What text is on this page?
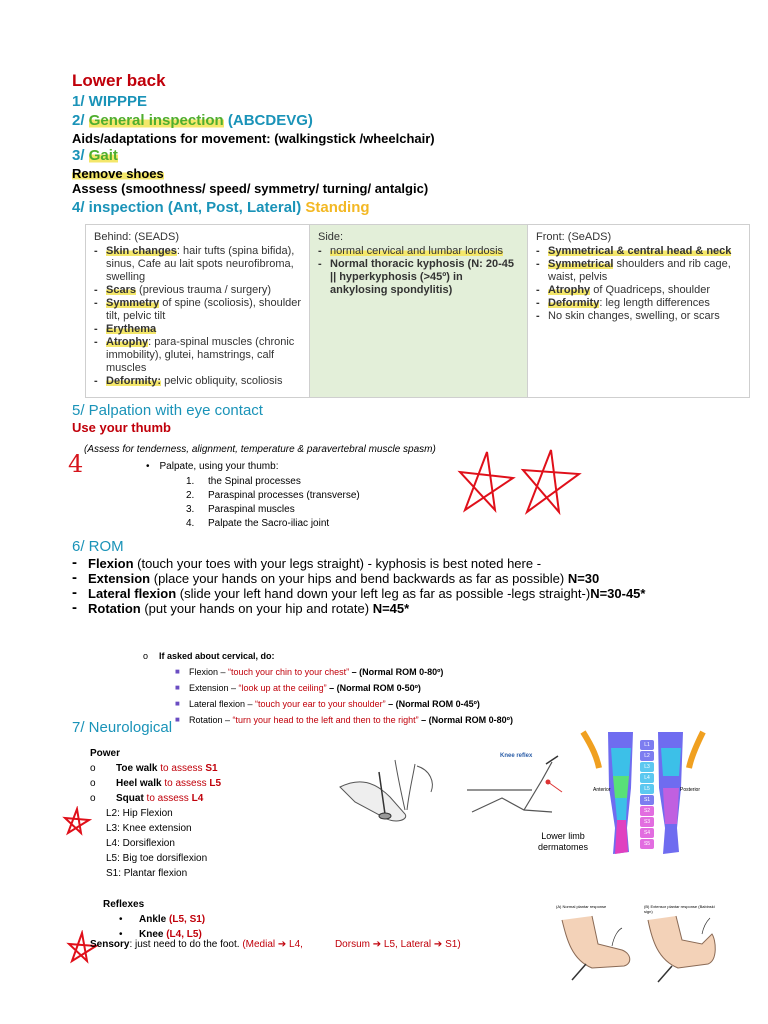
Lower back
1/ WIPPPE
2/ General inspection (ABCDEVG)
Aids/adaptations for movement: (walkingstick /wheelchair)
3/ Gait
Remove shoes
Assess (smoothness/ speed/ symmetry/ turning/ antalgic)
4/ inspection (Ant, Post, Lateral) Standing
Behind: (SEADS)
- Skin changes: hair tufts (spina bifida), sinus, Cafe au lait spots neurofibroma, swelling
- Scars (previous trauma / surgery)
- Symmetry of spine (scoliosis), shoulder tilt, pelvic tilt
- Erythema
- Atrophy: para-spinal muscles (chronic immobility), glutei, hamstrings, calf muscles
- Deformity: pelvic obliquity, scoliosis
Side:
- normal cervical and lumbar lordosis
- Normal thoracic kyphosis (N: 20-45 || hyperkyphosis (>45º) in ankylosing spondylitis)
Front: (SeADS)
- Symmetrical & central head & neck
- Symmetrical shoulders and rib cage, waist, pelvis
- Atrophy of Quadriceps, shoulder
- Deformity: leg length differences
- No skin changes, swelling, or scars
5/ Palpation with eye contact
Use your thumb
(Assess for tenderness, alignment, temperature & paravertebral muscle spasm)
4	• Palpate, using your thumb:
1. the Spinal processes
2. Paraspinal processes (transverse)
3. Paraspinal muscles
4. Palpate the Sacro-iliac joint
6/ ROM
- Flexion (touch your toes with your legs straight) - kyphosis is best noted here -
- Extension (place your hands on your hips and bend backwards as far as possible) N=30
- Lateral flexion (slide your left hand down your left leg as far as possible -legs straight-)N=30-45*
- Rotation (put your hands on your hip and rotate) N=45*
o If asked about cervical, do:
■ Flexion – “touch your chin to your chest” – (Normal ROM 0-80º)
■ Extension – “look up at the ceiling” – (Normal ROM 0-50º)
■ Lateral flexion – “touch your ear to your shoulder” – (Normal ROM 0-45º)
■ Rotation – “turn your head to the left and then to the right” – (Normal ROM 0-80º)
7/ Neurological
Power
o Toe walk to assess S1
o Heel walk to assess L5
o Squat to assess L4
L2: Hip Flexion
L3: Knee extension
L4: Dorsiflexion
L5: Big toe dorsiflexion
S1: Plantar flexion
Reflexes
• Ankle (L5, S1)
• Knee (L4, L5)
Sensory: just need to do the foot. (Medial ➔ L4,	Dorsum ➔ L5, Lateral ➔ S1)
Knee reflex
L1
L2
L3
L4
L5
S1
S2
S3
S4
S5
Anterior	Posterior
Lower limb dermatomes
(A) Normal plantar response	(B) Extensor plantar response (Babinski sign)
